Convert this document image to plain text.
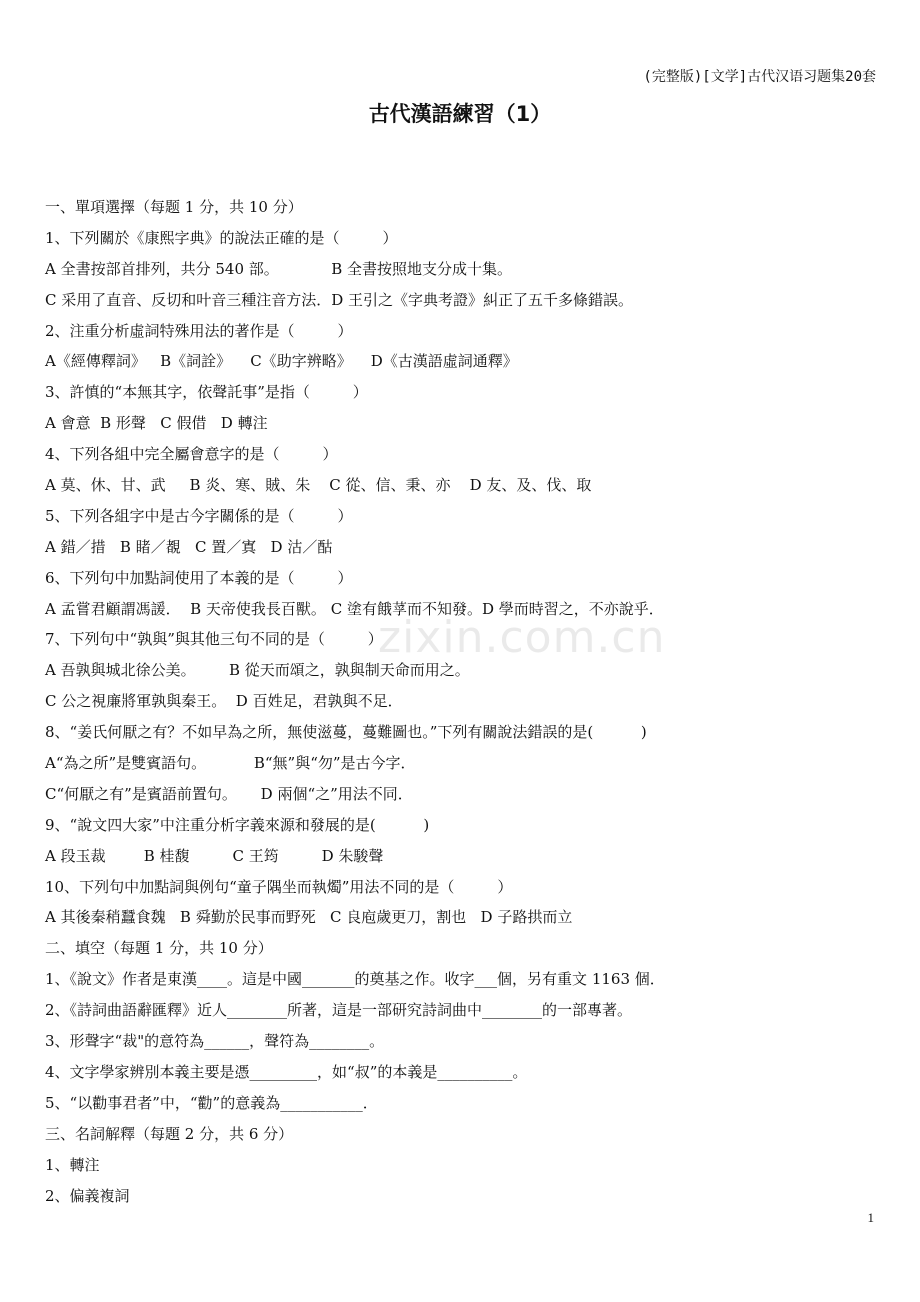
(完整版)[文学]古代汉语习题集20套
古代漢語練習（1）
zixin.com.cn
一、單項選擇（每题 1 分，共 10 分）
1、下列關於《康熙字典》的說法正確的是（         ）
A 全書按部首排列，共分 540 部。           B 全書按照地支分成十集。
C 采用了直音、反切和叶音三種注音方法．D 王引之《字典考證》糾正了五千多條錯誤。
2、注重分析虛詞特殊用法的著作是（         ）
A《經傳釋詞》   B《詞詮》    C《助字辨略》    D《古漢語虛詞通釋》
3、許慎的“本無其字，依聲託事”是指（         ）
A 會意  B 形聲   C 假借   D 轉注
4、下列各組中完全屬會意字的是（         ）
A 莫、休、甘、武     B 炎、寒、賊、朱    C 從、信、秉、亦    D 友、及、伐、取
5、下列各組字中是古今字關係的是（         ）
A 錯／措   B 睹／覩   C 置／寘   D 沽／酤
6、下列句中加點詞使用了本義的是（         ）
A 孟嘗君顧謂馮諼．  B 天帝使我長百獸。 C 塗有餓莩而不知發。D 學而時習之，不亦說乎．
7、下列句中“孰與”與其他三句不同的是（         ）
A 吾孰與城北徐公美。       B 從天而頌之，孰與制天命而用之。
C 公之視廉將軍孰與秦王。  D 百姓足，君孰與不足．
8、“姜氏何厭之有？不如早為之所，無使滋蔓，蔓難圖也。”下列有關說法錯誤的是(          )
A“為之所”是雙賓語句。          B“無”與“勿”是古今字．
C“何厭之有”是賓語前置句。     D 兩個“之”用法不同．
9、“說文四大家”中注重分析字義來源和發展的是(          )
A 段玉裁        B 桂馥         C 王筠         D 朱駿聲
10、下列句中加點詞與例句“童子隅坐而執燭”用法不同的是（         ）
A 其後秦稍蠶食魏   B 舜勤於民事而野死   C 良庖歲更刀，割也   D 子路拱而立
二、填空（每題 1 分，共 10 分）
1、《說文》作者是東漢____。這是中國_______的奠基之作。收字___個，另有重文 1163 個．
2、《詩詞曲語辭匯釋》近人________所著，這是一部研究詩詞曲中________的一部專著。
3、形聲字“裁"的意符為______，聲符為________。
4、文字學家辨別本義主要是憑_________，如“叔”的本義是__________。
5、“以勸事君者”中，“勸”的意義為___________．
三、名詞解釋（每題 2 分，共 6 分）
1、轉注
2、偏義複詞
1
